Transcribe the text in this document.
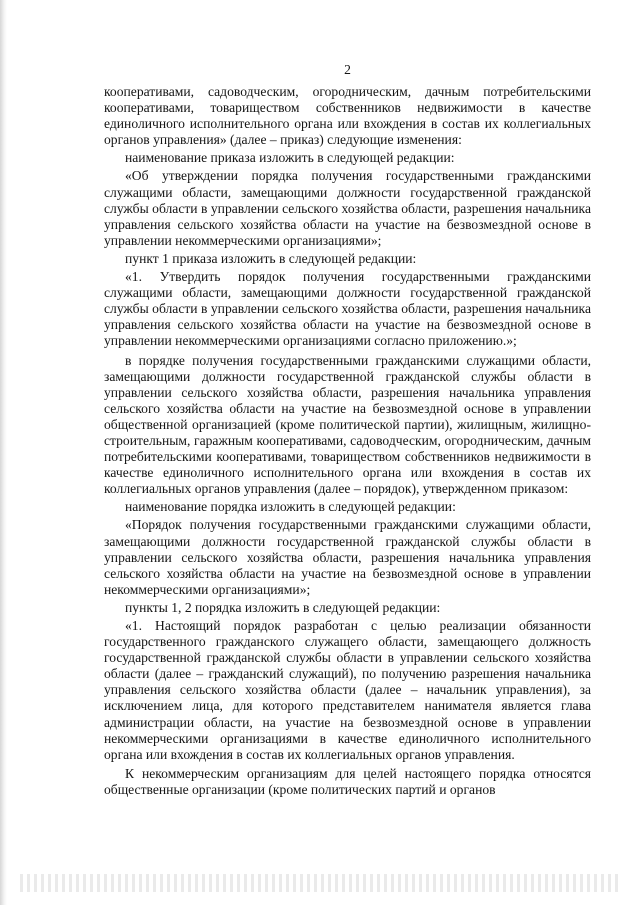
2

кооперативами, садоводческим, огородническим, дачным потребительскими кооперативами, товариществом собственников недвижимости в качестве единоличного исполнительного органа или вхождения в состав их коллегиальных органов управления» (далее – приказ) следующие изменения:

наименование приказа изложить в следующей редакции:

«Об утверждении порядка получения государственными гражданскими служащими области, замещающими должности государственной гражданской службы области в управлении сельского хозяйства области, разрешения начальника управления сельского хозяйства области на участие на безвозмездной основе в управлении некоммерческими организациями»;

пункт 1 приказа изложить в следующей редакции:

«1. Утвердить порядок получения государственными гражданскими служащими области, замещающими должности государственной гражданской службы области в управлении сельского хозяйства области, разрешения начальника управления сельского хозяйства области на участие на безвозмездной основе в управлении некоммерческими организациями согласно приложению.»;

в порядке получения государственными гражданскими служащими области, замещающими должности государственной гражданской службы области в управлении сельского хозяйства области, разрешения начальника управления сельского хозяйства области на участие на безвозмездной основе в управлении общественной организацией (кроме политической партии), жилищным, жилищно-строительным, гаражным кооперативами, садоводческим, огородническим, дачным потребительскими кооперативами, товариществом собственников недвижимости в качестве единоличного исполнительного органа или вхождения в состав их коллегиальных органов управления (далее – порядок), утвержденном приказом:

наименование порядка изложить в следующей редакции:

«Порядок получения государственными гражданскими служащими области, замещающими должности государственной гражданской службы области в управлении сельского хозяйства области, разрешения начальника управления сельского хозяйства области на участие на безвозмездной основе в управлении некоммерческими организациями»;

пункты 1, 2 порядка изложить в следующей редакции:

«1. Настоящий порядок разработан с целью реализации обязанности государственного гражданского служащего области, замещающего должность государственной гражданской службы области в управлении сельского хозяйства области (далее – гражданский служащий), по получению разрешения начальника управления сельского хозяйства области (далее – начальник управления), за исключением лица, для которого представителем нанимателя является глава администрации области, на участие на безвозмездной основе в управлении некоммерческими организациями в качестве единоличного исполнительного органа или вхождения в состав их коллегиальных органов управления.

К некоммерческим организациям для целей настоящего порядка относятся общественные организации (кроме политических партий и органов
